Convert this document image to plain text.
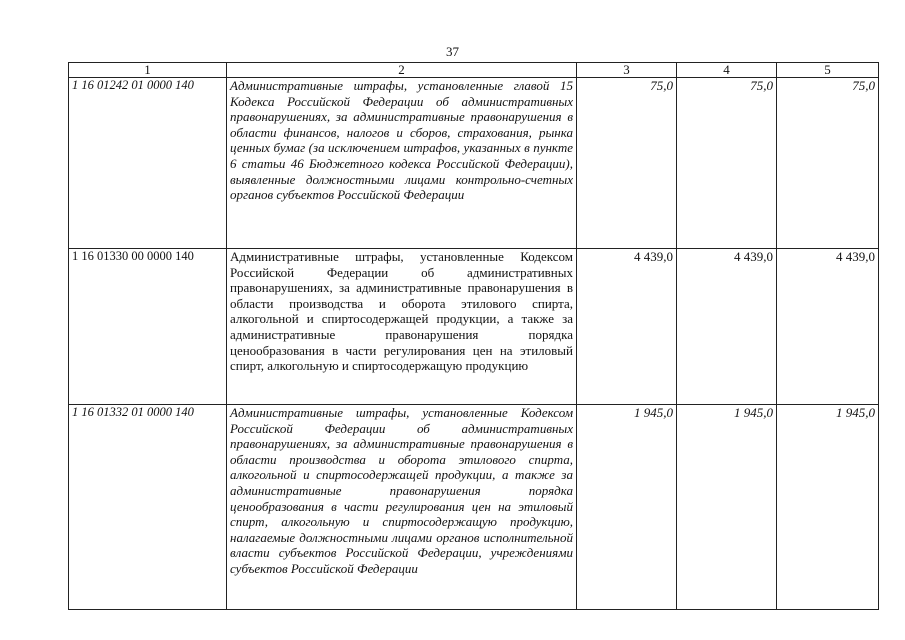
37
1	2	3	4	5
1 16 01242 01 0000 140	Административные штрафы, установленные главой 15 Кодекса Российской Федерации об административных правонарушениях, за административные правонарушения в области финансов, налогов и сборов, страхования, рынка ценных бумаг (за исключением штрафов, указанных в пункте 6 статьи 46 Бюджетного кодекса Российской Федерации), выявленные должностными лицами контрольно-счетных органов субъектов Российской Федерации	75,0	75,0	75,0
1 16 01330 00 0000 140	Административные штрафы, установленные Кодексом Российской Федерации об административных правонарушениях, за административные правонарушения в области производства и оборота этилового спирта, алкогольной и спиртосодержащей продукции, а также за административные правонарушения порядка ценообразования в части регулирования цен на этиловый спирт, алкогольную и спиртосодержащую продукцию	4 439,0	4 439,0	4 439,0
1 16 01332 01 0000 140	Административные штрафы, установленные Кодексом Российской Федерации об административных правонарушениях, за административные правонарушения в области производства и оборота этилового спирта, алкогольной и спиртосодержащей продукции, а также за административные правонарушения порядка ценообразования в части регулирования цен на этиловый спирт, алкогольную и спиртосодержащую продукцию, налагаемые должностными лицами органов исполнительной власти субъектов Российской Федерации, учреждениями субъектов Российской Федерации	1 945,0	1 945,0	1 945,0
